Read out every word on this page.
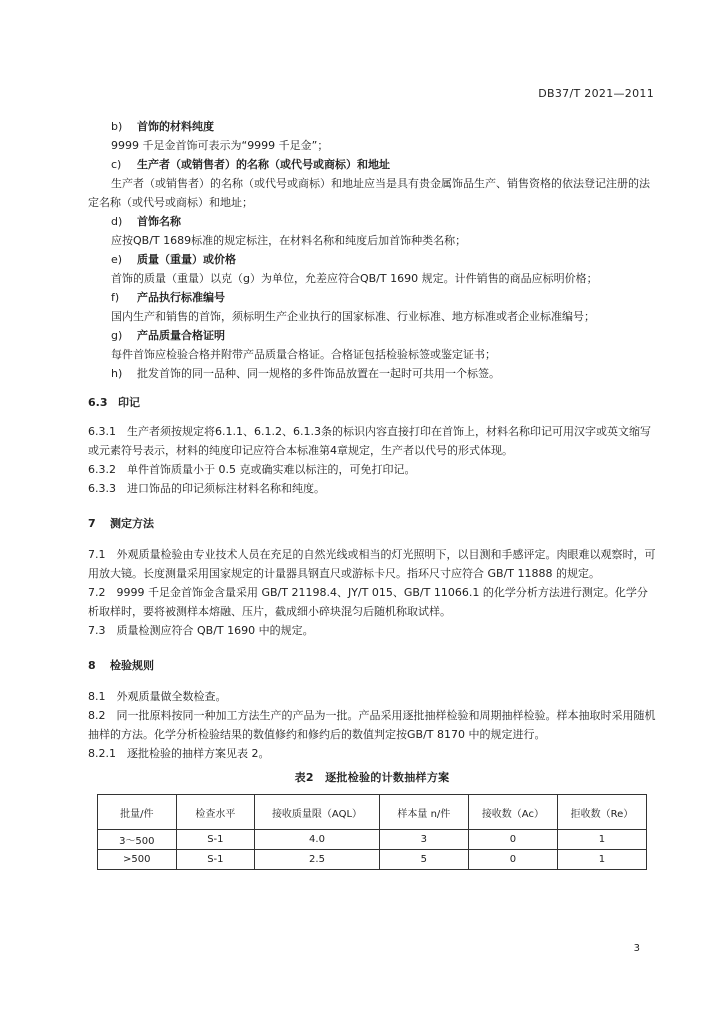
DB37/T 2021—2011
b) 首饰的材料纯度
9999 千足金首饰可表示为“9999 千足金”；
c) 生产者（或销售者）的名称（或代号或商标）和地址
生产者（或销售者）的名称（或代号或商标）和地址应当是具有贵金属饰品生产、销售资格的依法登记注册的法定名称（或代号或商标）和地址；
d) 首饰名称
应按QB/T 1689标准的规定标注，在材料名称和纯度后加首饰种类名称；
e) 质量（重量）或价格
首饰的质量（重量）以克（g）为单位，允差应符合QB/T 1690 规定。计件销售的商品应标明价格；
f) 产品执行标准编号
国内生产和销售的首饰，须标明生产企业执行的国家标准、行业标准、地方标准或者企业标准编号；
g) 产品质量合格证明
每件首饰应检验合格并附带产品质量合格证。合格证包括检验标签或鉴定证书；
h) 批发首饰的同一品种、同一规格的多件饰品放置在一起时可共用一个标签。
6.3 印记
6.3.1　生产者须按规定将6.1.1、6.1.2、6.1.3条的标识内容直接打印在首饰上，材料名称印记可用汉字或英文缩写或元素符号表示，材料的纯度印记应符合本标准第4章规定，生产者以代号的形式体现。
6.3.2　单件首饰质量小于 0.5 克或确实难以标注的，可免打印记。
6.3.3　进口饰品的印记须标注材料名称和纯度。
7 测定方法
7.1　外观质量检验由专业技术人员在充足的自然光线或相当的灯光照明下，以目测和手感评定。肉眼难以观察时，可用放大镜。长度测量采用国家规定的计量器具钢直尺或游标卡尺。指环尺寸应符合 GB/T 11888 的规定。
7.2　9999 千足金首饰金含量采用 GB/T 21198.4、JY/T 015、GB/T 11066.1 的化学分析方法进行测定。化学分析取样时，要将被测样本熔融、压片，截成细小碎块混匀后随机称取试样。
7.3　质量检测应符合 QB/T 1690 中的规定。
8 检验规则
8.1　外观质量做全数检查。
8.2　同一批原料按同一种加工方法生产的产品为一批。产品采用逐批抽样检验和周期抽样检验。样本抽取时采用随机抽样的方法。化学分析检验结果的数值修约和修约后的数值判定按GB/T 8170 中的规定进行。
8.2.1　逐批检验的抽样方案见表 2。
表2　逐批检验的计数抽样方案
批量/件	检查水平	接收质量限（AQL）	样本量 n/件	接收数（Ac）	拒收数（Re）
3～500	S-1	4.0	3	0	1
>500	S-1	2.5	5	0	1
3
